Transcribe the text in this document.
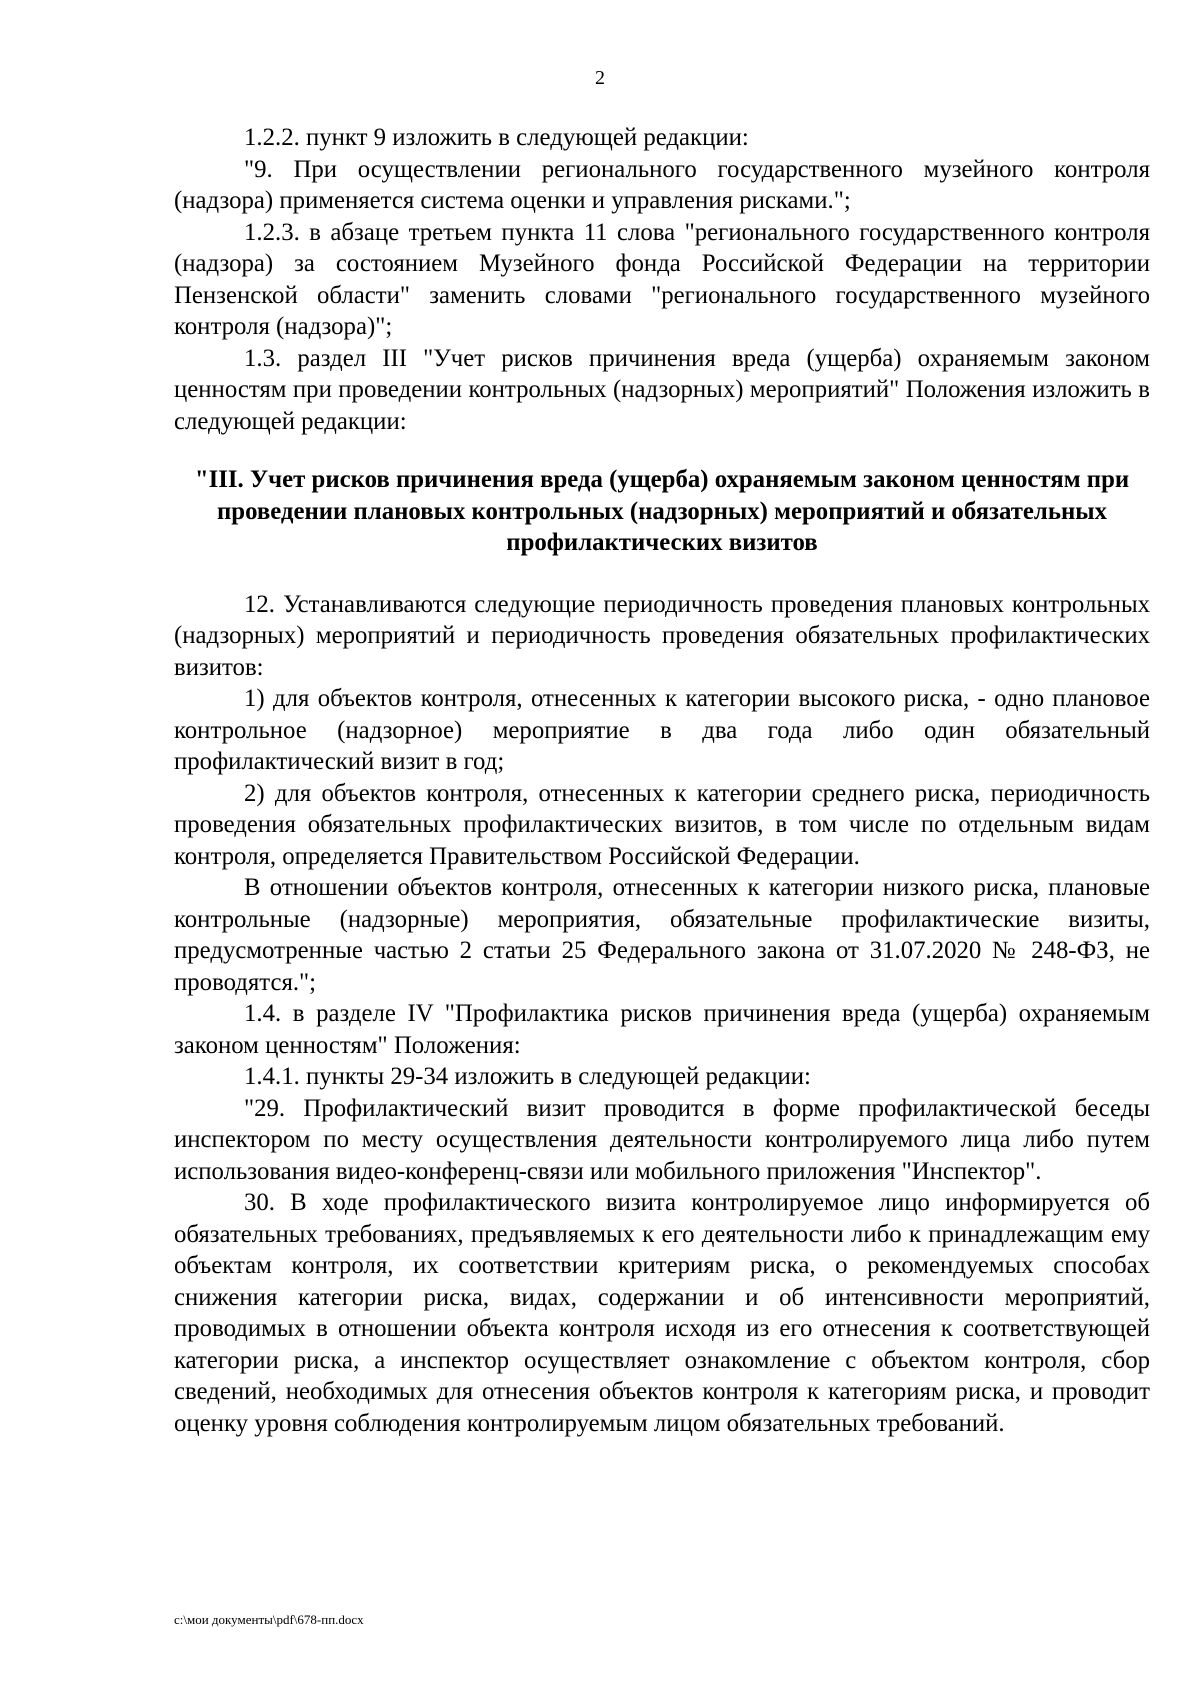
2

1.2.2. пункт 9 изложить в следующей редакции:

"9. При осуществлении регионального государственного музейного контроля (надзора) применяется система оценки и управления рисками.";

1.2.3. в абзаце третьем пункта 11 слова "регионального государственного контроля (надзора) за состоянием Музейного фонда Российской Федерации на территории Пензенской области" заменить словами "регионального государственного музейного контроля (надзора)";

1.3. раздел III "Учет рисков причинения вреда (ущерба) охраняемым законом ценностям при проведении контрольных (надзорных) мероприятий" Положения изложить в следующей редакции:

"III. Учет рисков причинения вреда (ущерба) охраняемым законом ценностям при проведении плановых контрольных (надзорных) мероприятий и обязательных профилактических визитов

12. Устанавливаются следующие периодичность проведения плановых контрольных (надзорных) мероприятий и периодичность проведения обязательных профилактических визитов:

1) для объектов контроля, отнесенных к категории высокого риска, - одно плановое контрольное (надзорное) мероприятие в два года либо один обязательный профилактический визит в год;

2) для объектов контроля, отнесенных к категории среднего риска, периодичность проведения обязательных профилактических визитов, в том числе по отдельным видам контроля, определяется Правительством Российской Федерации.

В отношении объектов контроля, отнесенных к категории низкого риска, плановые контрольные (надзорные) мероприятия, обязательные профилактические визиты, предусмотренные частью 2 статьи 25 Федерального закона от 31.07.2020 № 248-ФЗ, не проводятся.";

1.4. в разделе IV "Профилактика рисков причинения вреда (ущерба) охраняемым законом ценностям" Положения:

1.4.1. пункты 29-34 изложить в следующей редакции:

"29. Профилактический визит проводится в форме профилактической беседы инспектором по месту осуществления деятельности контролируемого лица либо путем использования видео-конференц-связи или мобильного приложения "Инспектор".

30. В ходе профилактического визита контролируемое лицо информируется об обязательных требованиях, предъявляемых к его деятельности либо к принадлежащим ему объектам контроля, их соответствии критериям риска, о рекомендуемых способах снижения категории риска, видах, содержании и об интенсивности мероприятий, проводимых в отношении объекта контроля исходя из его отнесения к соответствующей категории риска, а инспектор осуществляет ознакомление с объектом контроля, сбор сведений, необходимых для отнесения объектов контроля к категориям риска, и проводит оценку уровня соблюдения контролируемым лицом обязательных требований.

c:\мои документы\pdf\678-пп.docx
